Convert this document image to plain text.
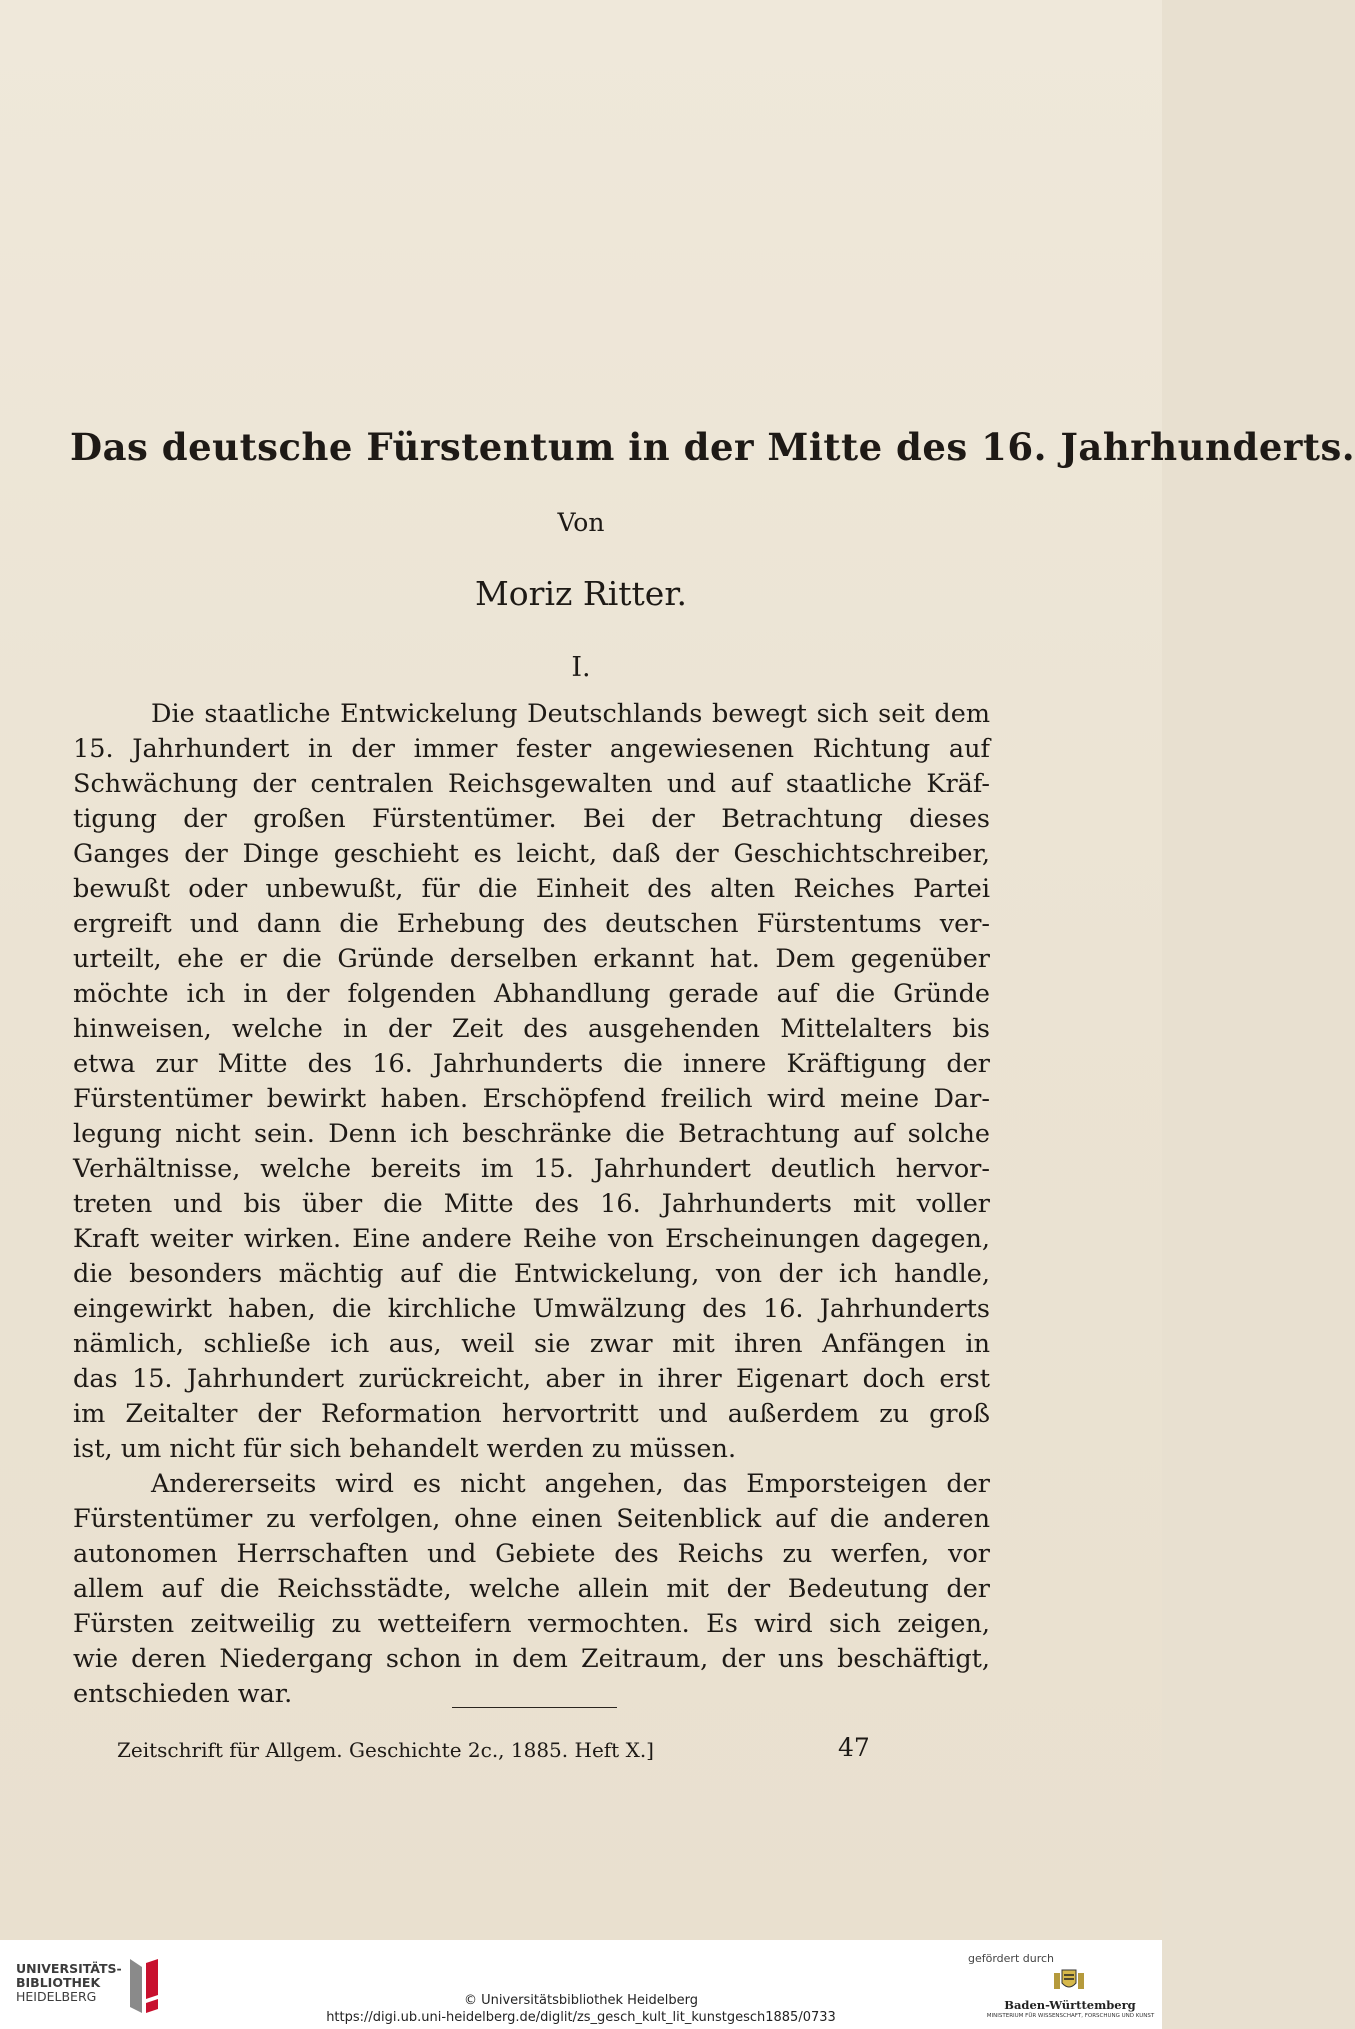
Das deutsche Fürstentum in der Mitte des 16. Jahrhunderts.
Von
Moriz Ritter.
I.
Die staatliche Entwickelung Deutschlands bewegt sich seit dem
15. Jahrhundert in der immer fester angewiesenen Richtung auf
Schwächung der centralen Reichsgewalten und auf staatliche Kräf-
tigung der großen Fürstentümer. Bei der Betrachtung dieses
Ganges der Dinge geschieht es leicht, daß der Geschichtschreiber,
bewußt oder unbewußt, für die Einheit des alten Reiches Partei
ergreift und dann die Erhebung des deutschen Fürstentums ver-
urteilt, ehe er die Gründe derselben erkannt hat. Dem gegenüber
möchte ich in der folgenden Abhandlung gerade auf die Gründe
hinweisen, welche in der Zeit des ausgehenden Mittelalters bis
etwa zur Mitte des 16. Jahrhunderts die innere Kräftigung der
Fürstentümer bewirkt haben. Erschöpfend freilich wird meine Dar-
legung nicht sein. Denn ich beschränke die Betrachtung auf solche
Verhältnisse, welche bereits im 15. Jahrhundert deutlich hervor-
treten und bis über die Mitte des 16. Jahrhunderts mit voller
Kraft weiter wirken. Eine andere Reihe von Erscheinungen dagegen,
die besonders mächtig auf die Entwickelung, von der ich handle,
eingewirkt haben, die kirchliche Umwälzung des 16. Jahrhunderts
nämlich, schließe ich aus, weil sie zwar mit ihren Anfängen in
das 15. Jahrhundert zurückreicht, aber in ihrer Eigenart doch erst
im Zeitalter der Reformation hervortritt und außerdem zu groß
ist, um nicht für sich behandelt werden zu müssen.
Andererseits wird es nicht angehen, das Emporsteigen der
Fürstentümer zu verfolgen, ohne einen Seitenblick auf die anderen
autonomen Herrschaften und Gebiete des Reichs zu werfen, vor
allem auf die Reichsstädte, welche allein mit der Bedeutung der
Fürsten zeitweilig zu wetteifern vermochten. Es wird sich zeigen,
wie deren Niedergang schon in dem Zeitraum, der uns beschäftigt,
entschieden war.
Zeitschrift für Allgem. Geschichte 2c., 1885. Heft X.]	47
UNIVERSITÄTS-
BIBLIOTHEK
HEIDELBERG	© Universitätsbibliothek Heidelberg
https://digi.ub.uni-heidelberg.de/diglit/zs_gesch_kult_lit_kunstgesch1885/0733
gefördert durch
Baden-Württemberg
MINISTERIUM FÜR WISSENSCHAFT, FORSCHUNG UND KUNST
